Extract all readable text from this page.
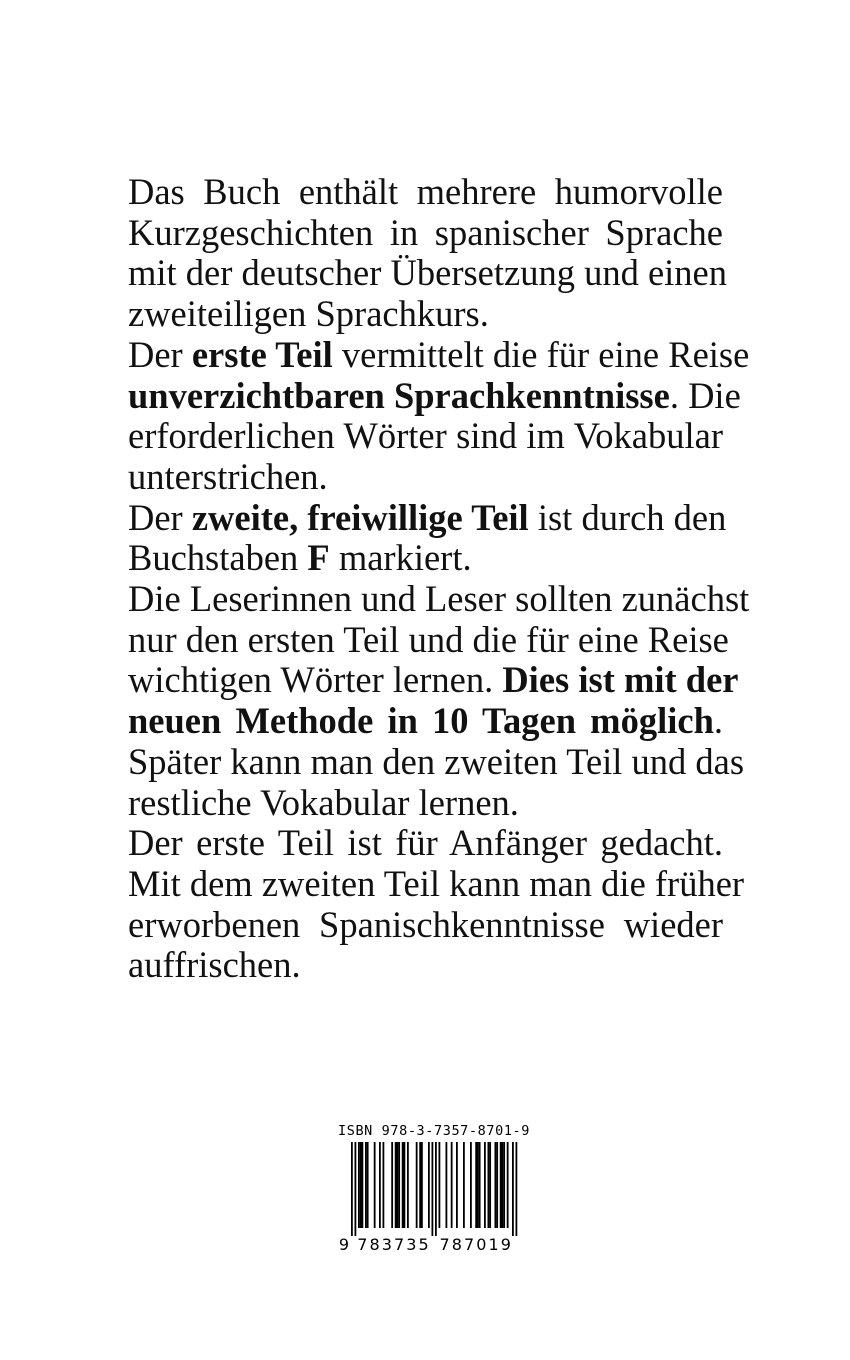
Das Buch enthält mehrere humorvolle
Kurzgeschichten in spanischer Sprache
mit der deutscher Übersetzung und einen
zweiteiligen Sprachkurs.
Der erste Teil vermittelt die für eine Reise
unverzichtbaren Sprachkenntnisse. Die
erforderlichen Wörter sind im Vokabular
unterstrichen.
Der zweite, freiwillige Teil ist durch den
Buchstaben F markiert.
Die Leserinnen und Leser sollten zunächst
nur den ersten Teil und die für eine Reise
wichtigen Wörter lernen. Dies ist mit der
neuen Methode in 10 Tagen möglich.
Später kann man den zweiten Teil und das
restliche Vokabular lernen.
Der erste Teil ist für Anfänger gedacht.
Mit dem zweiten Teil kann man die früher
erworbenen Spanischkenntnisse wieder
auffrischen.
ISBN 978-3-7357-8701-9
9 7 8 3 7 3 5 7 8 7 0 1 9
